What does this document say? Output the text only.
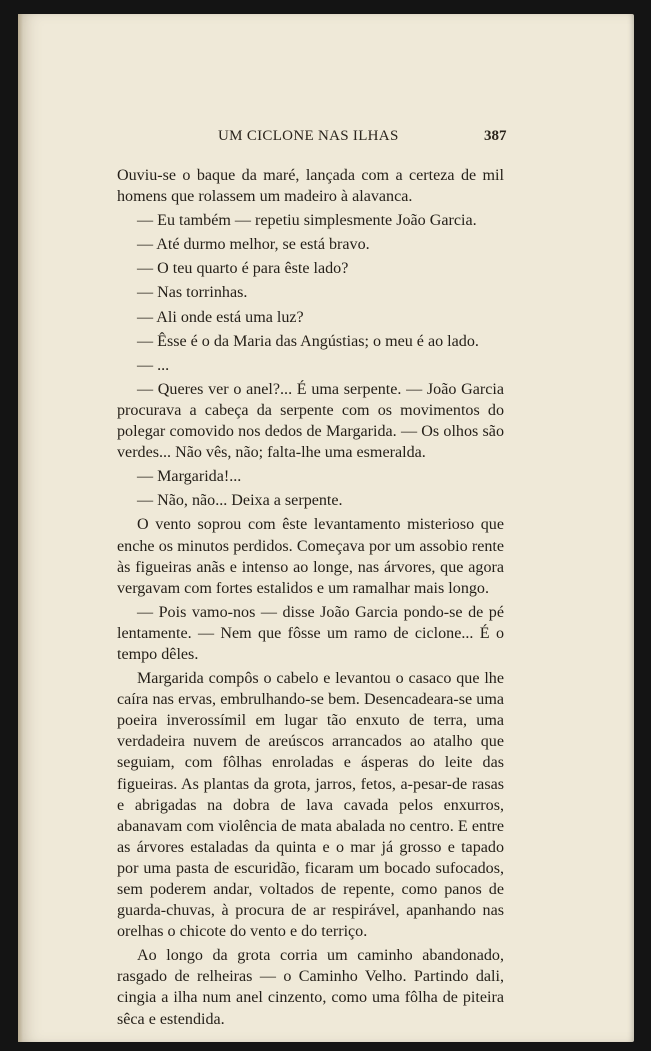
UM CICLONE NAS ILHAS	387

Ouviu-se o baque da maré, lançada com a certeza de mil homens que rolassem um madeiro à alavanca.

— Eu também — repetiu simplesmente João Garcia.

— Até durmo melhor, se está bravo.

— O teu quarto é para êste lado?

— Nas torrinhas.

— Ali onde está uma luz?

— Êsse é o da Maria das Angústias; o meu é ao lado.

— ...

— Queres ver o anel?... É uma serpente. — João Garcia procurava a cabeça da serpente com os movimentos do polegar comovido nos dedos de Margarida. — Os olhos são verdes... Não vês, não; falta-lhe uma esmeralda.

— Margarida!...

— Não, não... Deixa a serpente.

O vento soprou com êste levantamento misterioso que enche os minutos perdidos. Começava por um assobio rente às figueiras anãs e intenso ao longe, nas árvores, que agora vergavam com fortes estalidos e um ramalhar mais longo.

— Pois vamo-nos — disse João Garcia pondo-se de pé lentamente. — Nem que fôsse um ramo de ciclone... É o tempo dêles.

Margarida compôs o cabelo e levantou o casaco que lhe caíra nas ervas, embrulhando-se bem. Desencadeara-se uma poeira inverossímil em lugar tão enxuto de terra, uma verdadeira nuvem de areúscos arrancados ao atalho que seguiam, com fôlhas enroladas e ásperas do leite das figueiras. As plantas da grota, jarros, fetos, a-pesar-de rasas e abrigadas na dobra de lava cavada pelos enxurros, abanavam com violência de mata abalada no centro. E entre as árvores estaladas da quinta e o mar já grosso e tapado por uma pasta de escuridão, ficaram um bocado sufocados, sem poderem andar, voltados de repente, como panos de guarda-chuvas, à procura de ar respirável, apanhando nas orelhas o chicote do vento e do terriço.

Ao longo da grota corria um caminho abandonado, rasgado de relheiras — o Caminho Velho. Partindo dali, cingia a ilha num anel cinzento, como uma fôlha de piteira sêca e estendida.
